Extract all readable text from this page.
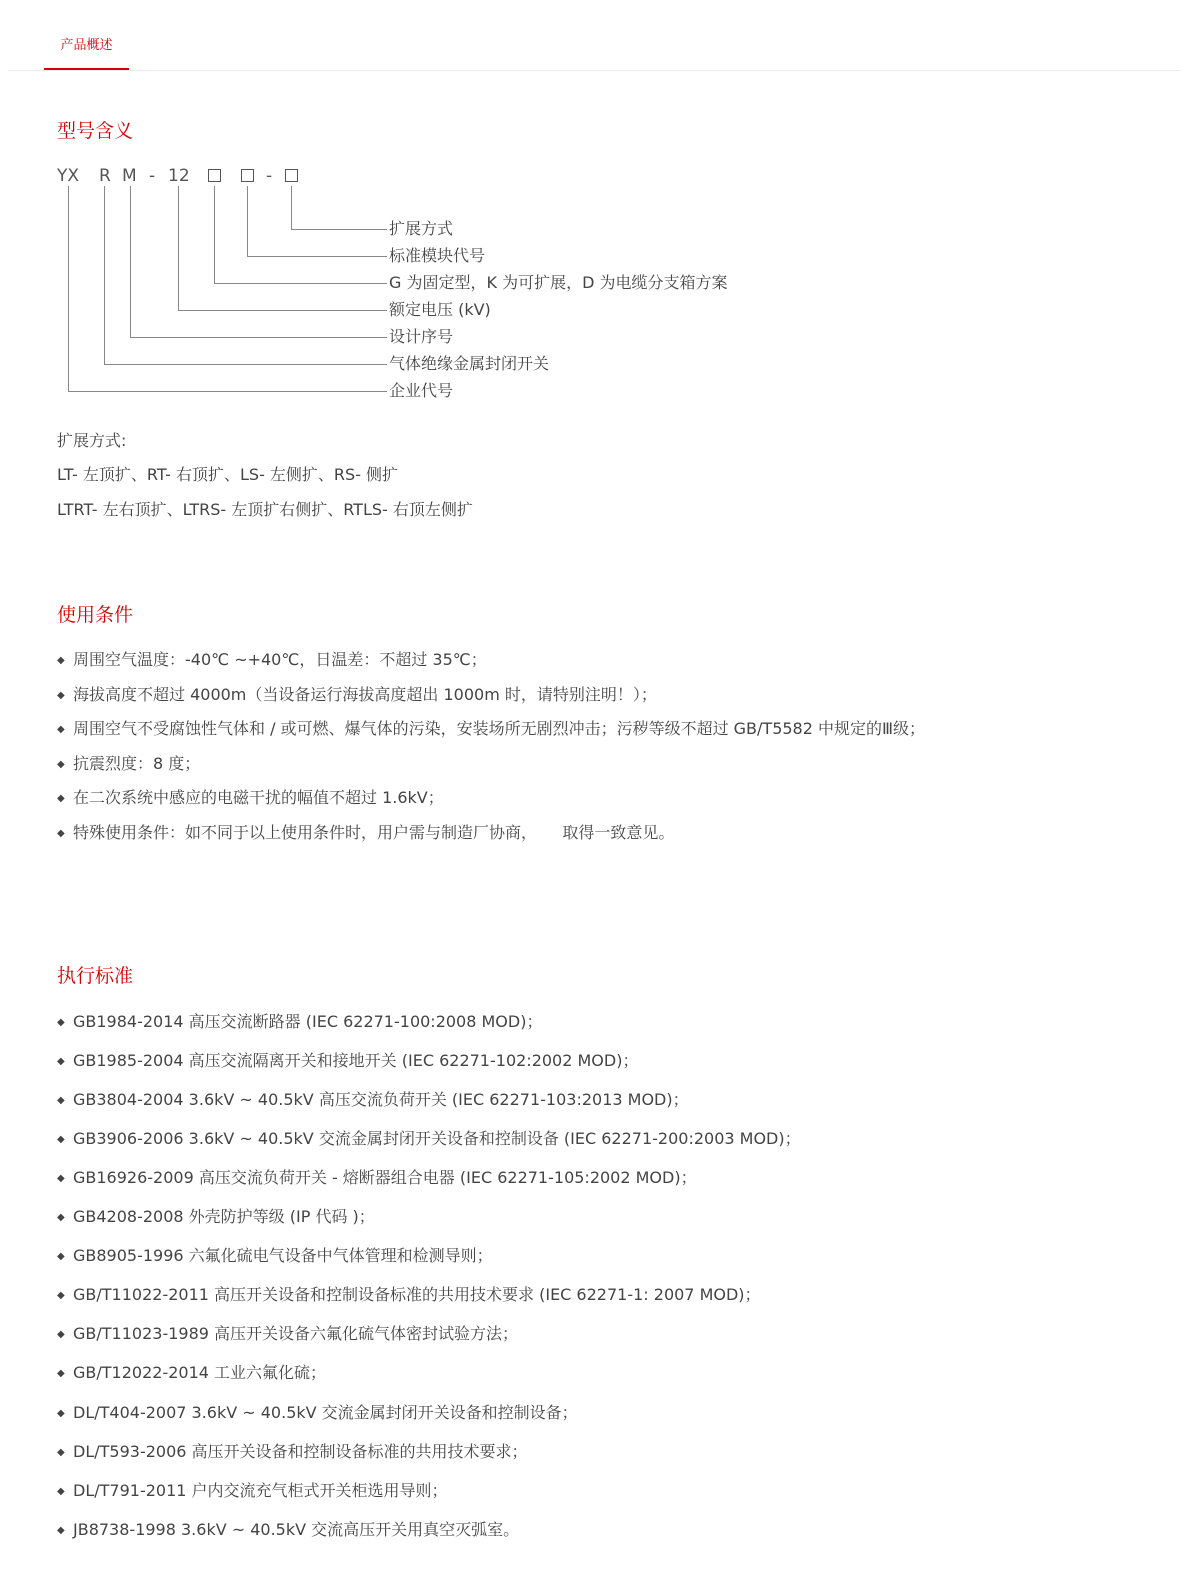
产品概述
型号含义
YX R M - 12	-
扩展方式
标准模块代号
G 为固定型，K 为可扩展，D 为电缆分支箱方案
额定电压 (kV)
设计序号
气体绝缘金属封闭开关
企业代号
扩展方式:
LT- 左顶扩、RT- 右顶扩、LS- 左侧扩、RS- 侧扩
LTRT- 左右顶扩、LTRS- 左顶扩右侧扩、RTLS- 右顶左侧扩
使用条件
◆ 周围空气温度：-40℃ ~+40℃，日温差：不超过 35℃；
◆ 海拔高度不超过 4000m（当设备运行海拔高度超出 1000m 时，请特别注明！）；
◆ 周围空气不受腐蚀性气体和 / 或可燃、爆气体的污染，安装场所无剧烈冲击；污秽等级不超过 GB/T5582 中规定的Ⅲ级；
◆ 抗震烈度：8 度；
◆ 在二次系统中感应的电磁干扰的幅值不超过 1.6kV；
◆ 特殊使用条件：如不同于以上使用条件时，用户需与制造厂协商，     取得一致意见。
执行标准
◆ GB1984-2014 高压交流断路器 (IEC 62271-100:2008 MOD)；
◆ GB1985-2004 高压交流隔离开关和接地开关 (IEC 62271-102:2002 MOD)；
◆ GB3804-2004 3.6kV ~ 40.5kV 高压交流负荷开关 (IEC 62271-103:2013 MOD)；
◆ GB3906-2006 3.6kV ~ 40.5kV 交流金属封闭开关设备和控制设备 (IEC 62271-200:2003 MOD)；
◆ GB16926-2009 高压交流负荷开关 - 熔断器组合电器 (IEC 62271-105:2002 MOD)；
◆ GB4208-2008 外壳防护等级 (IP 代码 )；
◆ GB8905-1996 六氟化硫电气设备中气体管理和检测导则；
◆ GB/T11022-2011 高压开关设备和控制设备标准的共用技术要求 (IEC 62271-1: 2007 MOD)；
◆ GB/T11023-1989 高压开关设备六氟化硫气体密封试验方法；
◆ GB/T12022-2014 工业六氟化硫；
◆ DL/T404-2007 3.6kV ~ 40.5kV 交流金属封闭开关设备和控制设备；
◆ DL/T593-2006 高压开关设备和控制设备标准的共用技术要求；
◆ DL/T791-2011 户内交流充气柜式开关柜选用导则；
◆ JB8738-1998 3.6kV ~ 40.5kV 交流高压开关用真空灭弧室。
